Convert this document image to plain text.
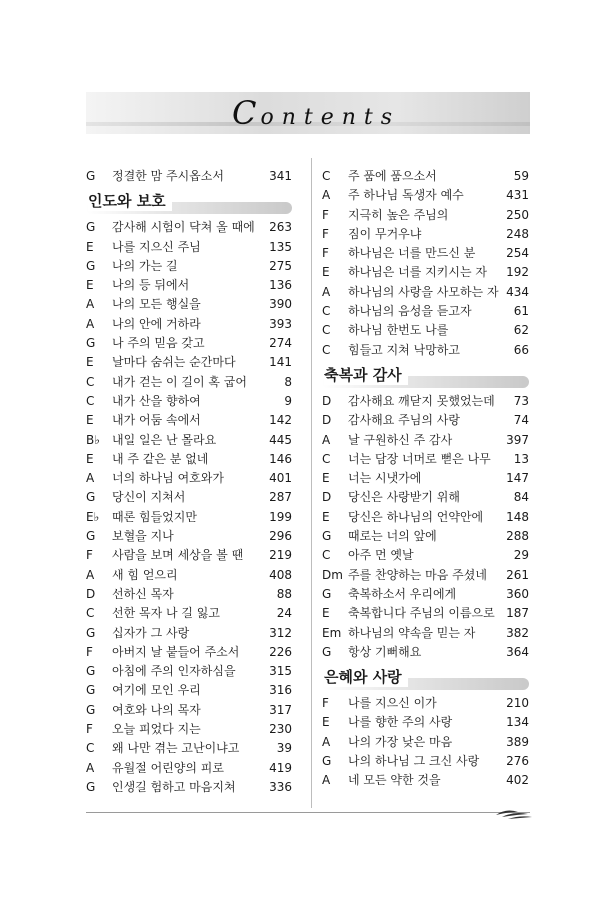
Contents
G	정결한 맘 주시옵소서	341
인도와 보호
G	감사해 시험이 닥쳐 올 때에 263
E	나를 지으신 주님	135
G	나의 가는 길	275
E	나의 등 뒤에서	136
A	나의 모든 행실을	390
A	나의 안에 거하라	393
G	나 주의 믿음 갖고	274
E	날마다 숨쉬는 순간마다	141
C	내가 걷는 이 길이 혹 굽어	8
C	내가 산을 향하여	9
E	내가 어둠 속에서	142
B♭	내일 일은 난 몰라요	445
E	내 주 같은 분 없네	146
A	너의 하나님 여호와가	401
G	당신이 지쳐서	287
E♭	때론 힘들었지만	199
G	보혈을 지나	296
F	사람을 보며 세상을 볼 땐 219
A	새 힘 얻으리	408
D	선하신 목자	88
C	선한 목자 나 길 잃고	24
G	십자가 그 사랑	312
F	아버지 날 붙들어 주소서 226
G	아침에 주의 인자하심을	315
G	여기에 모인 우리	316
G	여호와 나의 목자	317
F	오늘 피었다 지는	230
C	왜 나만 겪는 고난이냐고	39
A	유월절 어린양의 피로	419
G	인생길 험하고 마음지쳐	336
C	주 품에 품으소서	59
A	주 하나님 독생자 예수	431
F	지극히 높은 주님의	250
F	짐이 무거우냐	248
F	하나님은 너를 만드신 분	254
E	하나님은 너를 지키시는 자 192
A	하나님의 사랑을 사모하는 자 434
C	하나님의 음성을 듣고자	61
C	하나님 한번도 나를	62
C	힘들고 지쳐 낙망하고	66
축복과 감사
D	감사해요 깨닫지 못했었는데 73
D	감사해요 주님의 사랑	74
A	날 구원하신 주 감사	397
C	너는 담장 너머로 뻗은 나무 13
E	너는 시냇가에	147
D	당신은 사랑받기 위해	84
E	당신은 하나님의 언약안에 148
G	때로는 너의 앞에	288
C	아주 먼 옛날	29
Dm 주를 찬양하는 마음 주셨네 261
G	축복하소서 우리에게	360
E	축복합니다 주님의 이름으로 187
Em 하나님의 약속을 믿는 자	382
G	항상 기뻐해요	364
은혜와 사랑
F	나를 지으신 이가	210
E	나를 향한 주의 사랑	134
A	나의 가장 낮은 마음	389
G	나의 하나님 그 크신 사랑 276
A	네 모든 약한 것을	402
